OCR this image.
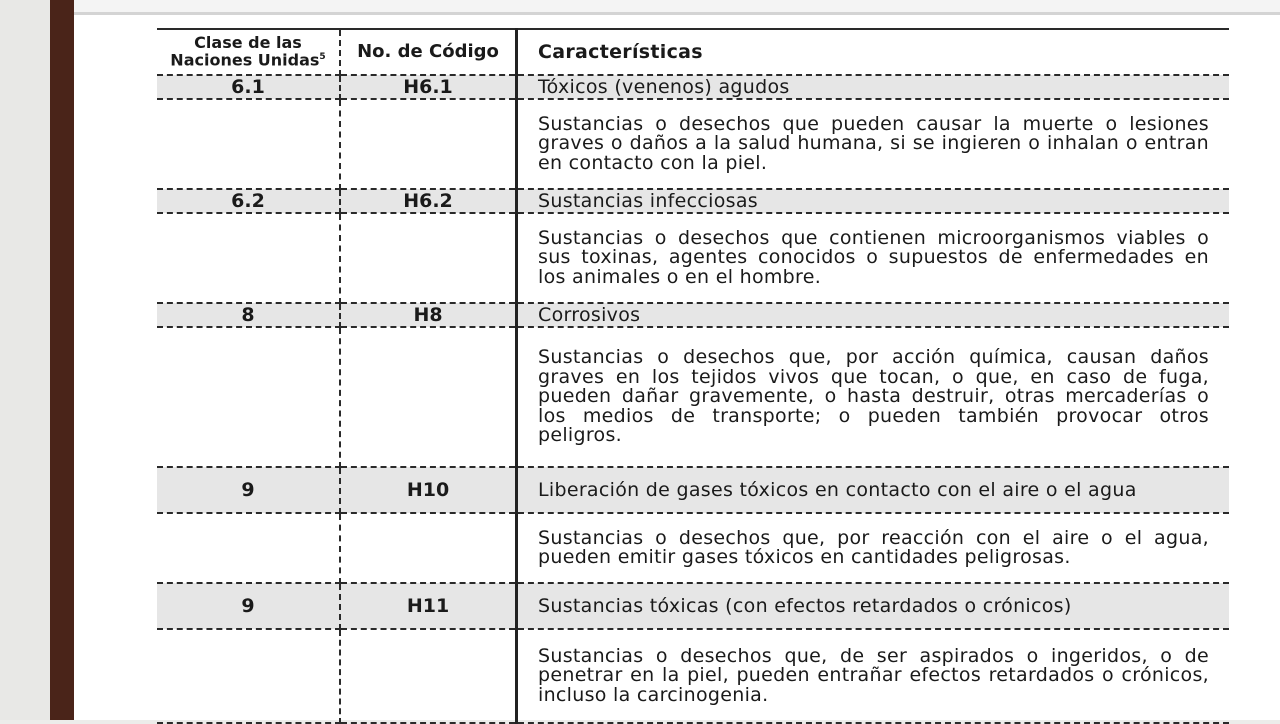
Clase de las Naciones Unidas$^5$	No. de Código	Características
6.1	H6.1	Tóxicos (venenos) agudos
		Sustancias o desechos que pueden causar la muerte o lesiones graves o daños a la salud humana, si se ingieren o inhalan o entran en contacto con la piel.
6.2	H6.2	Sustancias infecciosas
		Sustancias o desechos que contienen microorganismos viables o sus toxinas, agentes conocidos o supuestos de enfermedades en los animales o en el hombre.
8	H8	Corrosivos
		Sustancias o desechos que, por acción química, causan daños graves en los tejidos vivos que tocan, o que, en caso de fuga, pueden dañar gravemente, o hasta destruir, otras mercaderías o los medios de transporte; o pueden también provocar otros peligros.
9	H10	Liberación de gases tóxicos en contacto con el aire o el agua
		Sustancias o desechos que, por reacción con el aire o el agua, pueden emitir gases tóxicos en cantidades peligrosas.
9	H11	Sustancias tóxicas (con efectos retardados o crónicos)
		Sustancias o desechos que, de ser aspirados o ingeridos, o de penetrar en la piel, pueden entrañar efectos retardados o crónicos, incluso la carcinogenia.
